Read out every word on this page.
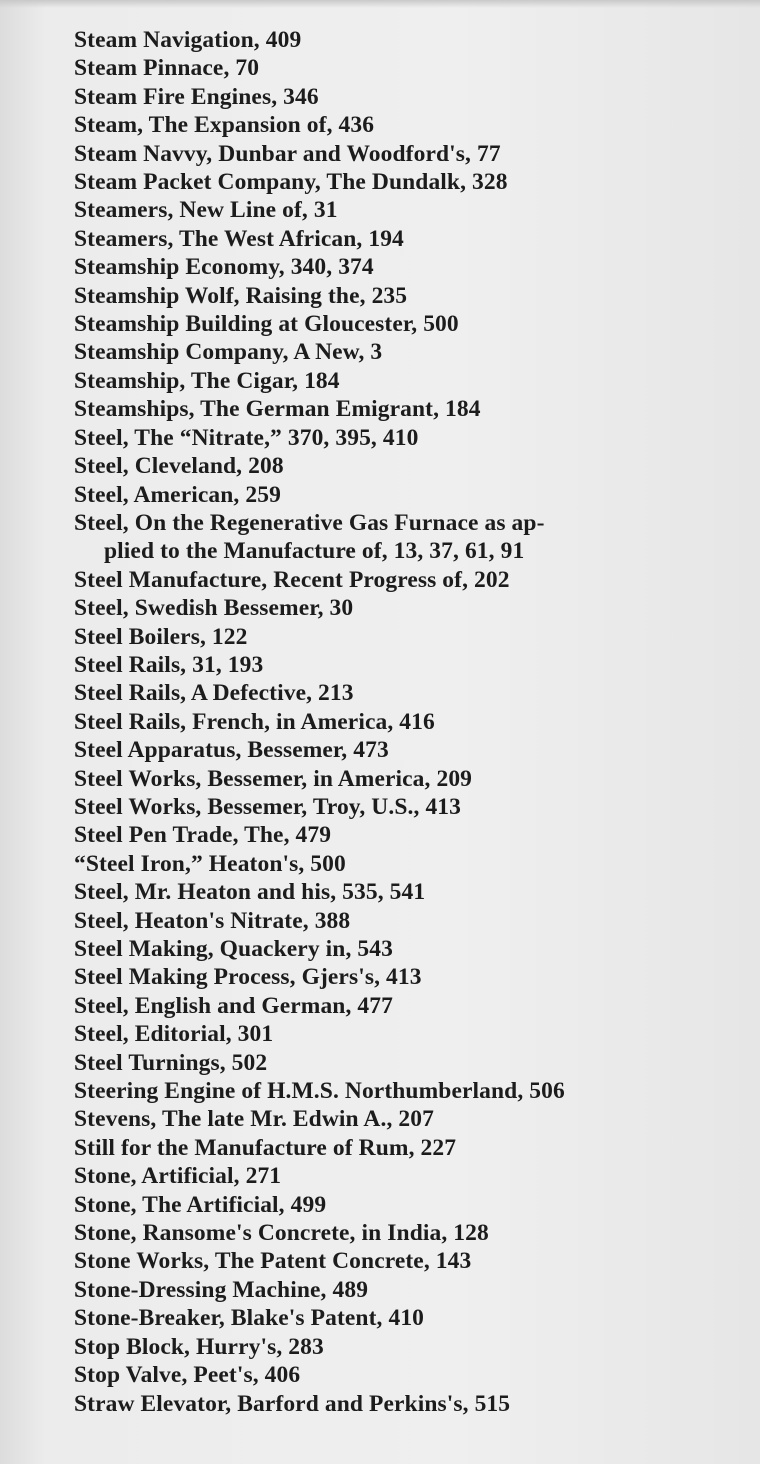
Steam Navigation, 409
Steam Pinnace, 70
Steam Fire Engines, 346
Steam, The Expansion of, 436
Steam Navvy, Dunbar and Woodford's, 77
Steam Packet Company, The Dundalk, 328
Steamers, New Line of, 31
Steamers, The West African, 194
Steamship Economy, 340, 374
Steamship Wolf, Raising the, 235
Steamship Building at Gloucester, 500
Steamship Company, A New, 3
Steamship, The Cigar, 184
Steamships, The German Emigrant, 184
Steel, The “Nitrate,” 370, 395, 410
Steel, Cleveland, 208
Steel, American, 259
Steel, On the Regenerative Gas Furnace as ap-
plied to the Manufacture of, 13, 37, 61, 91
Steel Manufacture, Recent Progress of, 202
Steel, Swedish Bessemer, 30
Steel Boilers, 122
Steel Rails, 31, 193
Steel Rails, A Defective, 213
Steel Rails, French, in America, 416
Steel Apparatus, Bessemer, 473
Steel Works, Bessemer, in America, 209
Steel Works, Bessemer, Troy, U.S., 413
Steel Pen Trade, The, 479
“Steel Iron,” Heaton's, 500
Steel, Mr. Heaton and his, 535, 541
Steel, Heaton's Nitrate, 388
Steel Making, Quackery in, 543
Steel Making Process, Gjers's, 413
Steel, English and German, 477
Steel, Editorial, 301
Steel Turnings, 502
Steering Engine of H.M.S. Northumberland, 506
Stevens, The late Mr. Edwin A., 207
Still for the Manufacture of Rum, 227
Stone, Artificial, 271
Stone, The Artificial, 499
Stone, Ransome's Concrete, in India, 128
Stone Works, The Patent Concrete, 143
Stone-Dressing Machine, 489
Stone-Breaker, Blake's Patent, 410
Stop Block, Hurry's, 283
Stop Valve, Peet's, 406
Straw Elevator, Barford and Perkins's, 515
